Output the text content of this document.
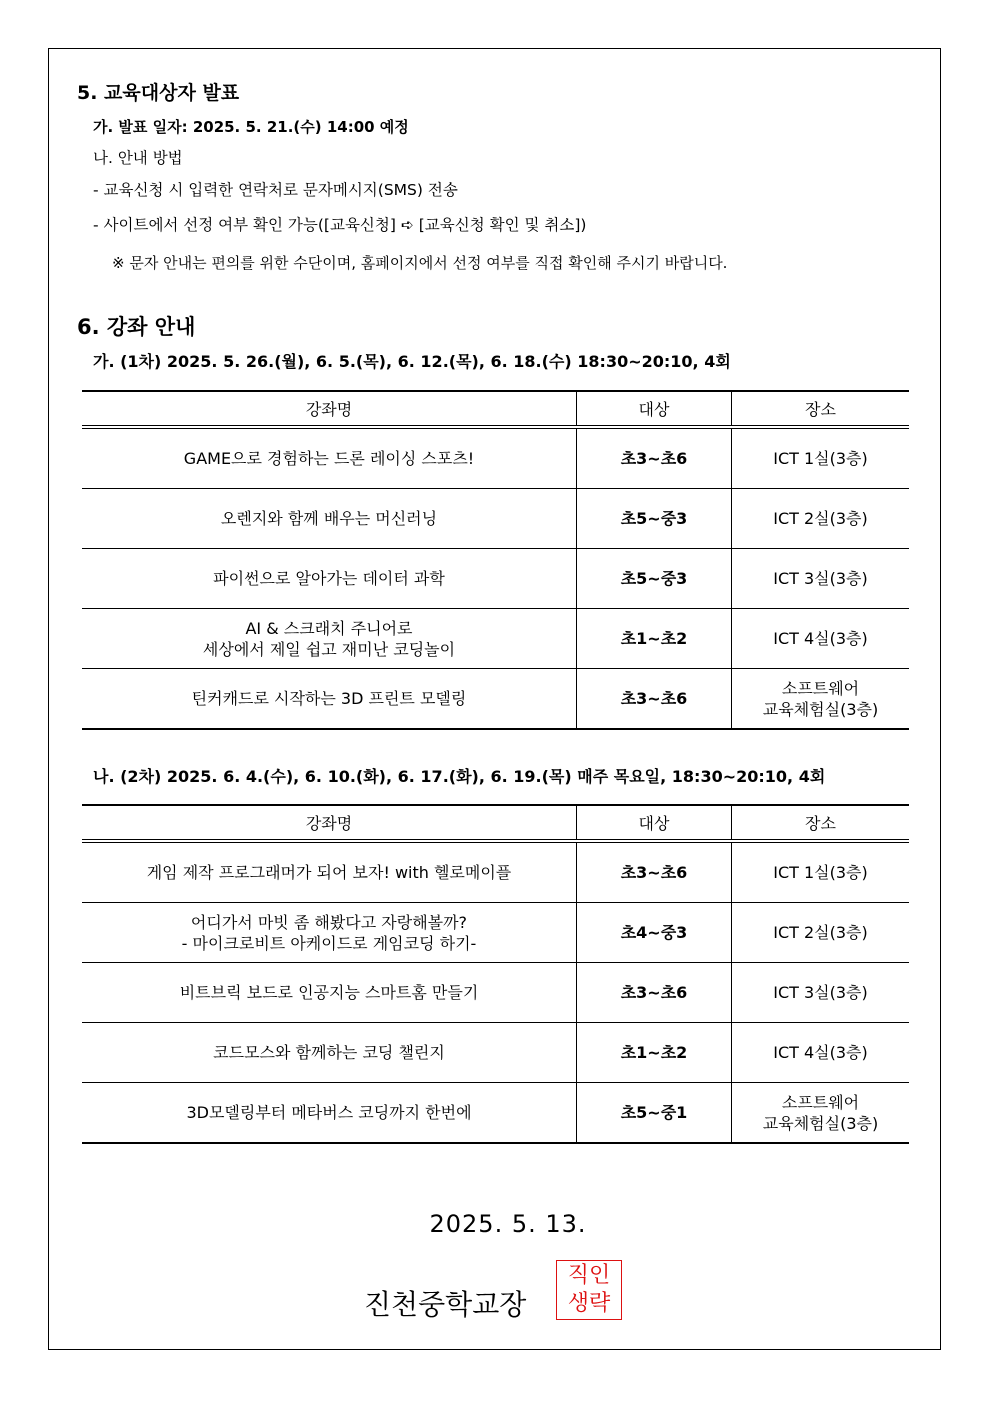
5. 교육대상자 발표
가. 발표 일자: 2025. 5. 21.(수) 14:00 예정
나. 안내 방법
- 교육신청 시 입력한 연락처로 문자메시지(SMS) 전송
- 사이트에서 선정 여부 확인 가능([교육신청] ➪ [교육신청 확인 및 취소])
※ 문자 안내는 편의를 위한 수단이며, 홈페이지에서 선정 여부를 직접 확인해 주시기 바랍니다.
6. 강좌 안내
가. (1차) 2025. 5. 26.(월), 6. 5.(목), 6. 12.(목), 6. 18.(수) 18:30~20:10, 4회
강좌명	대상	장소

GAME으로 경험하는 드론 레이싱 스포츠!	초3~초6	ICT 1실(3층)

오렌지와 함께 배우는 머신러닝	초5~중3	ICT 2실(3층)

파이썬으로 알아가는 데이터 과학	초5~중3	ICT 3실(3층)

AI & 스크래치 주니어로
세상에서 제일 쉽고 재미난 코딩놀이	초1~초2	ICT 4실(3층)

틴커캐드로 시작하는 3D 프린트 모델링	초3~초6	소프트웨어
교육체험실(3층)
나. (2차) 2025. 6. 4.(수), 6. 10.(화), 6. 17.(화), 6. 19.(목) 매주 목요일, 18:30~20:10, 4회
강좌명	대상	장소

게임 제작 프로그래머가 되어 보자! with 헬로메이플	초3~초6	ICT 1실(3층)

어디가서 마빗 좀 해봤다고 자랑해볼까?
- 마이크로비트 아케이드로 게임코딩 하기-	초4~중3	ICT 2실(3층)

비트브릭 보드로 인공지능 스마트홈 만들기	초3~초6	ICT 3실(3층)

코드모스와 함께하는 코딩 챌린지	초1~초2	ICT 4실(3층)

3D모델링부터 메타버스 코딩까지 한번에	초5~중1	소프트웨어
교육체험실(3층)
2025. 5. 13.
진천중학교장
직인
생략
